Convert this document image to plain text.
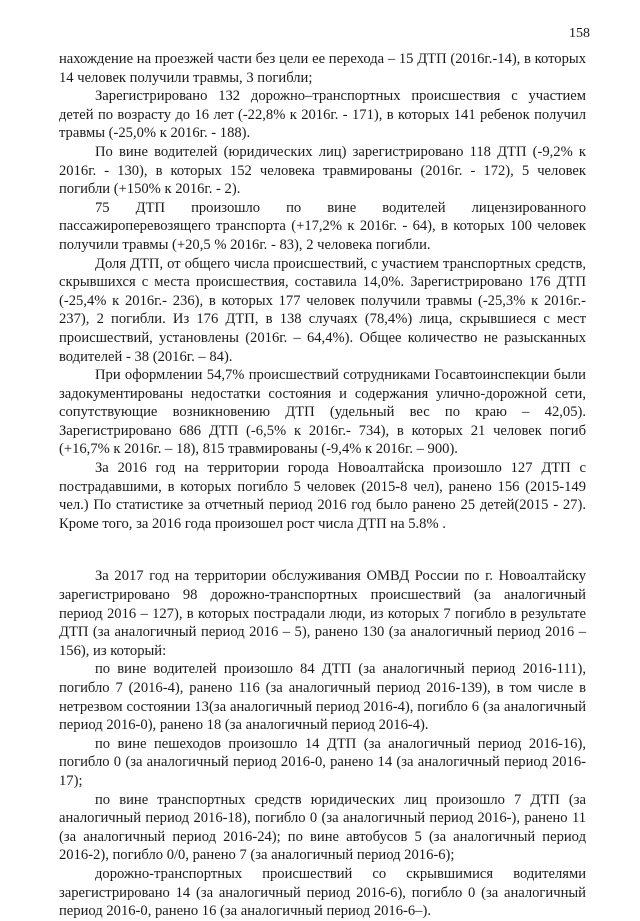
158

нахождение на проезжей части без цели ее перехода – 15 ДТП (2016г.-14), в которых 14 человек получили травмы, 3 погибли;

Зарегистрировано 132 дорожно–транспортных происшествия с участием детей по возрасту до 16 лет (-22,8% к 2016г. - 171), в которых 141 ребенок получил травмы (-25,0% к 2016г. - 188).

По вине водителей (юридических лиц) зарегистрировано 118 ДТП (-9,2% к 2016г. - 130), в которых 152 человека травмированы (2016г. - 172), 5 человек погибли (+150% к 2016г. - 2).

75 ДТП произошло по вине водителей лицензированного пассажироперевозящего транспорта (+17,2% к 2016г. - 64), в которых 100 человек получили травмы (+20,5 % 2016г. - 83), 2 человека погибли.

Доля ДТП, от общего числа происшествий, с участием транспортных средств, скрывшихся с места происшествия, составила 14,0%. Зарегистрировано 176 ДТП (-25,4% к 2016г.- 236), в которых 177 человек получили травмы (-25,3% к 2016г.- 237), 2 погибли. Из 176 ДТП, в 138 случаях (78,4%) лица, скрывшиеся с мест происшествий, установлены (2016г. – 64,4%). Общее количество не разысканных водителей - 38 (2016г. – 84).

При оформлении 54,7% происшествий сотрудниками Госавтоинспекции были задокументированы недостатки состояния и содержания улично-дорожной сети, сопутствующие возникновению ДТП (удельный вес по краю – 42,05). Зарегистрировано 686 ДТП (-6,5% к 2016г.- 734), в которых 21 человек погиб (+16,7% к 2016г. – 18), 815 травмированы (-9,4% к 2016г. – 900).

За 2016 год на территории города Новоалтайска произошло 127 ДТП с пострадавшими, в которых погибло 5 человек (2015-8 чел), ранено 156 (2015-149 чел.) По статистике за отчетный период 2016 год было ранено 25 детей(2015 - 27). Кроме того, за 2016 года произошел рост числа ДТП на 5.8% .

За 2017 год на территории обслуживания ОМВД России по г. Новоалтайску зарегистрировано 98 дорожно-транспортных происшествий (за аналогичный период 2016 – 127), в которых пострадали люди, из которых 7 погибло в результате ДТП (за аналогичный период 2016 – 5), ранено 130 (за аналогичный период 2016 – 156), из который:

по вине водителей произошло 84 ДТП (за аналогичный период 2016-111), погибло 7 (2016-4), ранено 116 (за аналогичный период 2016-139), в том числе в нетрезвом состоянии 13(за аналогичный период 2016-4), погибло 6 (за аналогичный период 2016-0), ранено 18 (за аналогичный период 2016-4).

по вине пешеходов произошло 14 ДТП (за аналогичный период 2016-16), погибло 0 (за аналогичный период 2016-0, ранено 14 (за аналогичный период 2016- 17);

по вине транспортных средств юридических лиц произошло 7 ДТП (за аналогичный период 2016-18), погибло 0 (за аналогичный период 2016-), ранено 11 (за аналогичный период 2016-24); по вине автобусов 5 (за аналогичный период 2016-2), погибло 0/0, ранено 7 (за аналогичный период 2016-6);

дорожно-транспортных происшествий со скрывшимися водителями зарегистрировано 14 (за аналогичный период 2016-6), погибло 0 (за аналогичный период 2016-0, ранено 16 (за аналогичный период 2016-6–).
